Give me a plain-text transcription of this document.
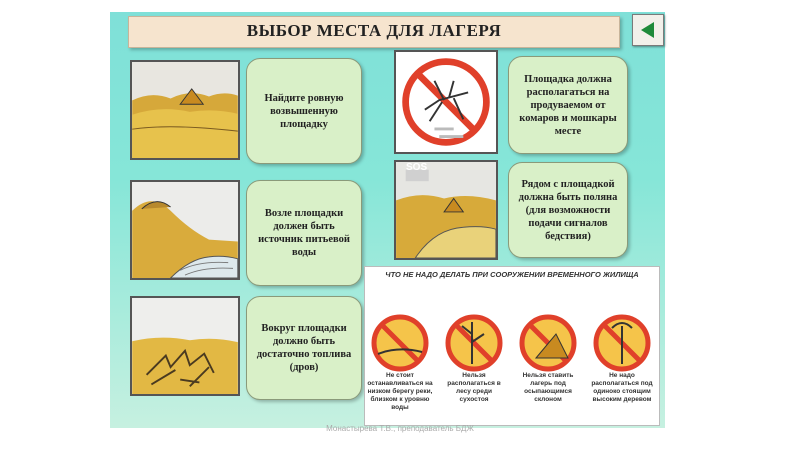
ВЫБОР МЕСТА ДЛЯ ЛАГЕРЯ
Найдите ровную возвышенную площадку
Возле площадки должен быть источник питьевой воды
Вокруг площадки должно быть достаточно топлива (дров)
SOS
Площадка должна располагаться на продуваемом от комаров и мошкары месте
Рядом с площадкой должна быть поляна (для возможности подачи сигналов бедствия)
ЧТО НЕ НАДО ДЕЛАТЬ ПРИ СООРУЖЕНИИ ВРЕМЕННОГО ЖИЛИЩА
Не стоит останавливаться на низком берегу реки, близком к уровню воды
Нельзя располагаться в лесу среди сухостоя
Нельзя ставить лагерь под осыпающимся склоном
Не надо располагаться под одиноко стоящим высоким деревом
Монастырева Т.В., преподаватель БДЖ
